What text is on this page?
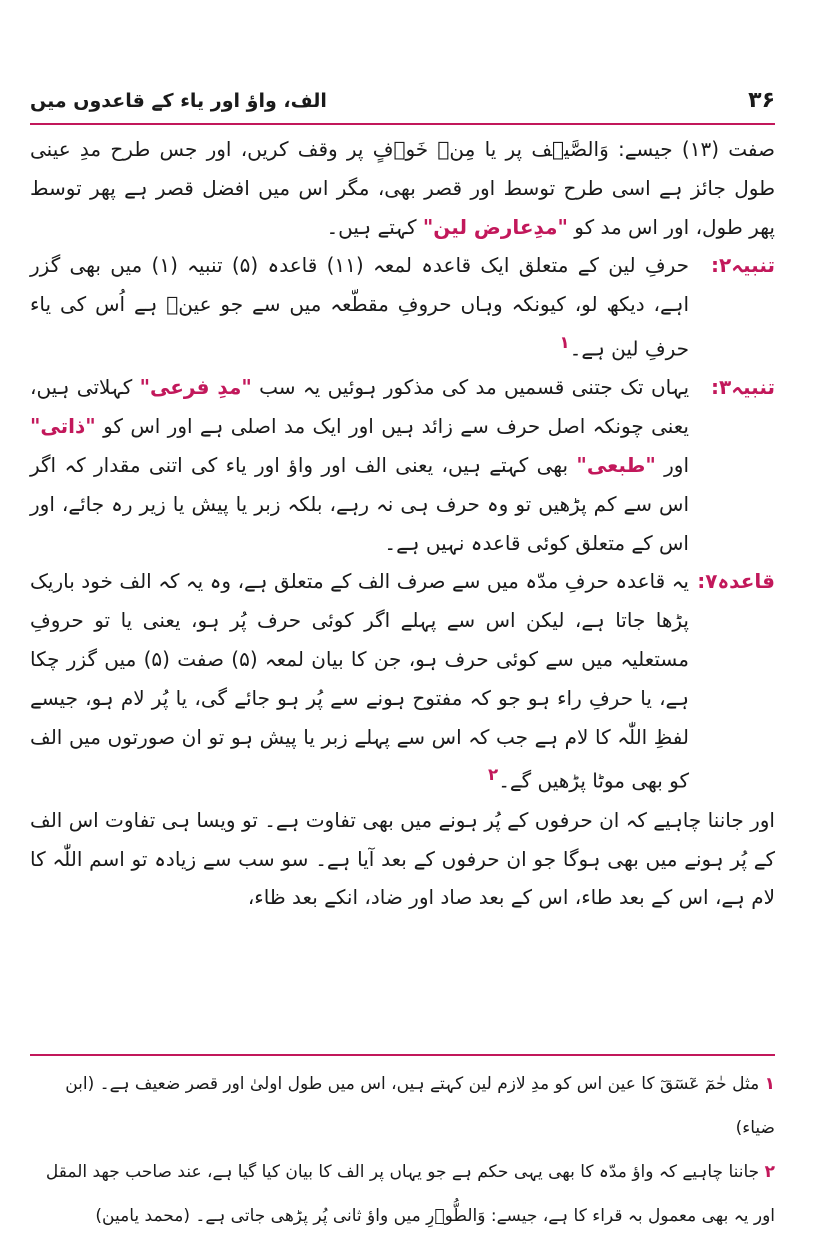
۳۶
الف، واؤ اور یاء کے قاعدوں میں

صفت (۱۳) جیسے: وَالصَّیۡف پر یا مِنۡ خَوۡفٍ پر وقف کریں، اور جس طرح مدِ عینی طول جائز ہے اسی طرح توسط اور قصر بھی، مگر اس میں افضل قصر ہے پھر توسط پھر طول، اور اس مد کو "مدِعارض لین" کہتے ہیں۔

تنبیہ۲:
حرفِ لین کے متعلق ایک قاعدہ لمعہ (۱۱) قاعدہ (۵) تنبیہ (۱) میں بھی گزر اہے، دیکھ لو، کیونکہ وہاں حروفِ مقطّعہ میں سے جو عینؔ ہے اُس کی یاء حرفِ لین ہے۔$^۱$

تنبیہ۳:
یہاں تک جتنی قسمیں مد کی مذکور ہوئیں یہ سب "مدِ فرعی" کہلاتی ہیں، یعنی چونکہ اصل حرف سے زائد ہیں اور ایک مد اصلی ہے اور اس کو "ذاتی" اور "طبعی" بھی کہتے ہیں، یعنی الف اور واؤ اور یاء کی اتنی مقدار کہ اگر اس سے کم پڑھیں تو وہ حرف ہی نہ رہے، بلکہ زبر یا پیش یا زیر رہ جائے، اور اس کے متعلق کوئی قاعدہ نہیں ہے۔

قاعدہ۷:
یہ قاعدہ حرفِ مدّہ میں سے صرف الف کے متعلق ہے، وہ یہ کہ الف خود باریک پڑھا جاتا ہے، لیکن اس سے پہلے اگر کوئی حرف پُر ہو، یعنی یا تو حروفِ مستعلیہ میں سے کوئی حرف ہو، جن کا بیان لمعہ (۵) صفت (۵) میں گزر چکا ہے، یا حرفِ راء ہو جو کہ مفتوح ہونے سے پُر ہو جائے گی، یا پُر لام ہو، جیسے لفظِ اللّٰہ کا لام ہے جب کہ اس سے پہلے زبر یا پیش ہو تو ان صورتوں میں الف کو بھی موٹا پڑھیں گے۔$^۲$

اور جاننا چاہیے کہ ان حرفوں کے پُر ہونے میں بھی تفاوت ہے۔ تو ویسا ہی تفاوت اس الف کے پُر ہونے میں بھی ہوگا جو ان حرفوں کے بعد آیا ہے۔ سو سب سے زیادہ تو اسم اللّٰہ کا لام ہے، اس کے بعد طاء، اس کے بعد صاد اور ضاد، انکے بعد ظاء،

۱ مثل حٰمٓ عٓسٓقٓ کا عین اس کو مدِ لازم لین کہتے ہیں، اس میں طول اولیٰ اور قصر ضعیف ہے۔ (ابن ضیاء)

۲ جاننا چاہیے کہ واؤ مدّہ کا بھی یہی حکم ہے جو یہاں پر الف کا بیان کیا گیا ہے، عند صاحب جھد المقل اور یہ بھی معمول بہ قراء کا ہے، جیسے: وَالطُّوۡرِ میں واؤ ثانی پُر پڑھی جاتی ہے۔ (محمد یامین)
